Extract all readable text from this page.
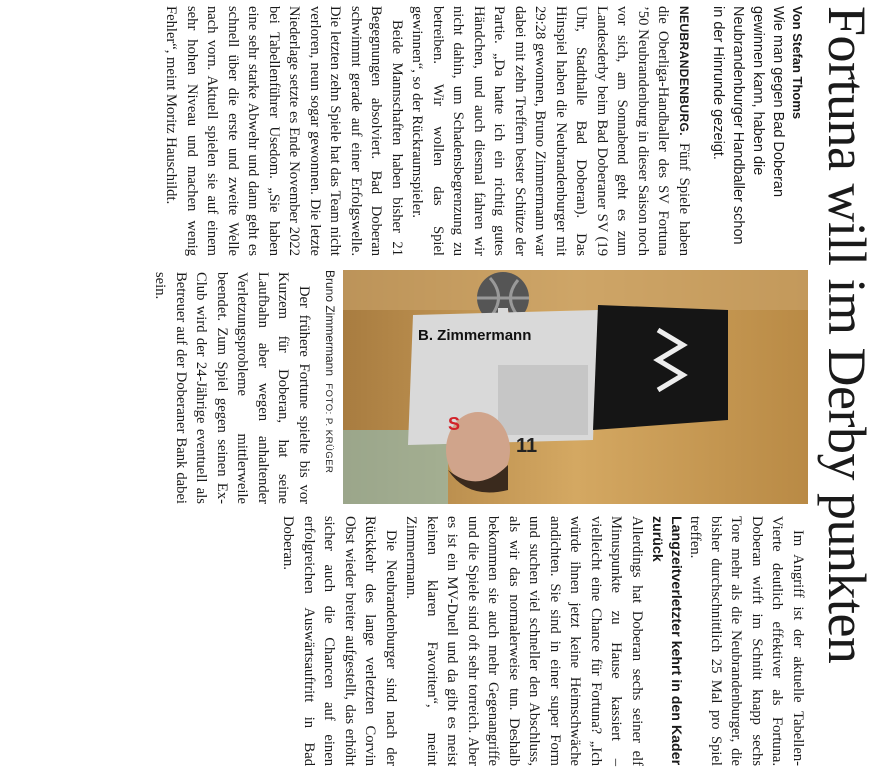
Fortuna will im Derby punkten

Von Stefan Thoms

Wie man gegen Bad Doberan gewinnen kann, haben die Neubrandenburger Handballer schon in der Hinrunde gezeigt.

NEUBRANDENBURG. Fünf Spiele haben die Oberliga-Handballer des SV Fortuna ’50 Neubrandenburg in dieser Saison noch vor sich, am Sonnabend geht es zum Landesderby beim Bad Doberaner SV (19 Uhr, Stadthalle Bad Doberan). Das Hinspiel haben die Neubrandenburger mit 29:28 gewonnen, Bruno Zimmermann war dabei mit zehn Treffern bester Schütze der Partie. „Da hatte ich ein richtig gutes Händchen, und auch diesmal fahren wir nicht dahin, um Schadensbegrenzung zu betreiben. Wir wollen das Spiel gewinnen“, so der Rückraumspieler.

Beide Mannschaften haben bisher 21 Begegnungen absolviert. Bad Doberan schwimmt gerade auf einer Erfolgswelle. Die letzten zehn Spiele hat das Team nicht verloren, neun sogar gewonnen. Die letzte Niederlage setzte es Ende November 2022 bei Tabellenführer Usedom. „Sie haben eine sehr starke Abwehr und dann geht es schnell über die erste und zweite Welle nach vorn. Aktuell spielen sie auf einem sehr hohen Niveau und machen wenig Fehler“, meint Moritz Hauschildt.

11
S
B. Zimmermann
Bruno Zimmermann FOTO: P. KRÜGER

Der frühere Fortune spielte bis vor Kurzem für Doberan, hat seine Laufbahn aber wegen anhaltender Verletzungsprobleme mittlerweile beendet. Zum Spiel gegen seinen Ex-Club wird der 24-Jährige eventuell als Betreuer auf der Doberaner Bank dabei sein.

Im Angriff ist der aktuelle Tabellen-Vierte deutlich effektiver als Fortuna. Doberan wirft im Schnitt knapp sechs Tore mehr als die Neubrandenburger, die bisher durchschnittlich 25 Mal pro Spiel treffen.

Langzeitverletzter kehrt in den Kader zurück

Allerdings hat Doberan sechs seiner elf Minuspunkte zu Hause kassiert – vielleicht eine Chance für Fortuna? „Ich würde ihnen jetzt keine Heimschwäche andichten. Sie sind in einer super Form und suchen viel schneller den Abschluss, als wir das normalerweise tun. Deshalb bekommen sie auch mehr Gegenangriffe und die Spiele sind oft sehr torreich. Aber es ist ein MV-Duell und da gibt es meist keinen klaren Favoriten“, meint Zimmermann.

Die Neubrandenburger sind nach der Rückkehr des lange verletzten Corvin Obst wieder breiter aufgestellt, das erhöht sicher auch die Chancen auf einen erfolgreichen Auswärtsauftritt in Bad Doberan.
